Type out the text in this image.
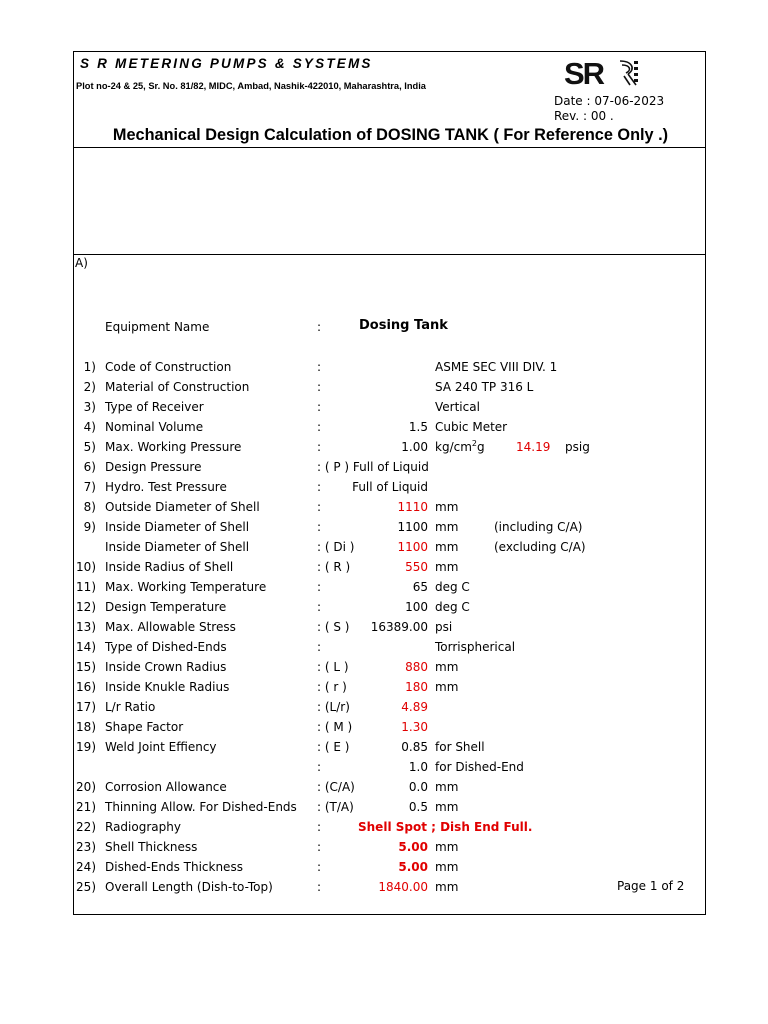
S R METERING PUMPS & SYSTEMS
Plot no-24 & 25, Sr. No. 81/82, MIDC, Ambad, Nashik-422010, Maharashtra, India	SR
Date : 07-06-2023
Rev. : 00 .
Mechanical Design Calculation of DOSING TANK ( For Reference Only .)
A)
Equipment Name	:	Dosing Tank
1) Code of Construction	:	ASME SEC VIII DIV. 1
2) Material of Construction	:	SA 240 TP 316 L
3) Type of Receiver	:	Vertical
4) Nominal Volume	:	1.5 Cubic Meter
5) Max. Working Pressure	:	1.00 $kg/cm^2g$	14.19 psig
6) Design Pressure	: ( P ) Full of Liquid
7) Hydro. Test Pressure	:	Full of Liquid
8) Outside Diameter of Shell	:	1110 mm
9) Inside Diameter of Shell	:	1100 mm	(including C/A)
Inside Diameter of Shell	: ( Di )	1100 mm	(excluding C/A)
10) Inside Radius of Shell	: ( R )	550 mm
11) Max. Working Temperature	:	65 deg C
12) Design Temperature	:	100 deg C
13) Max. Allowable Stress	: ( S )	16389.00 psi
14) Type of Dished-Ends	:	Torrispherical
15) Inside Crown Radius	: ( L )	880 mm
16) Inside Knukle Radius	: ( r )	180 mm
17) L/r Ratio	: (L/r)	4.89
18) Shape Factor	: ( M )	1.30
19) Weld Joint Effiency	: ( E )	0.85 for Shell
:	1.0 for Dished-End
20) Corrosion Allowance	: (C/A)	0.0 mm
21) Thinning Allow. For Dished-Ends : (T/A)	0.5 mm
22) Radiography	:	Shell Spot ; Dish End Full.
23) Shell Thickness	:	5.00 mm
24) Dished-Ends Thickness	:	5.00 mm
25) Overall Length (Dish-to-Top)	:	1840.00 mm	Page 1 of 2
